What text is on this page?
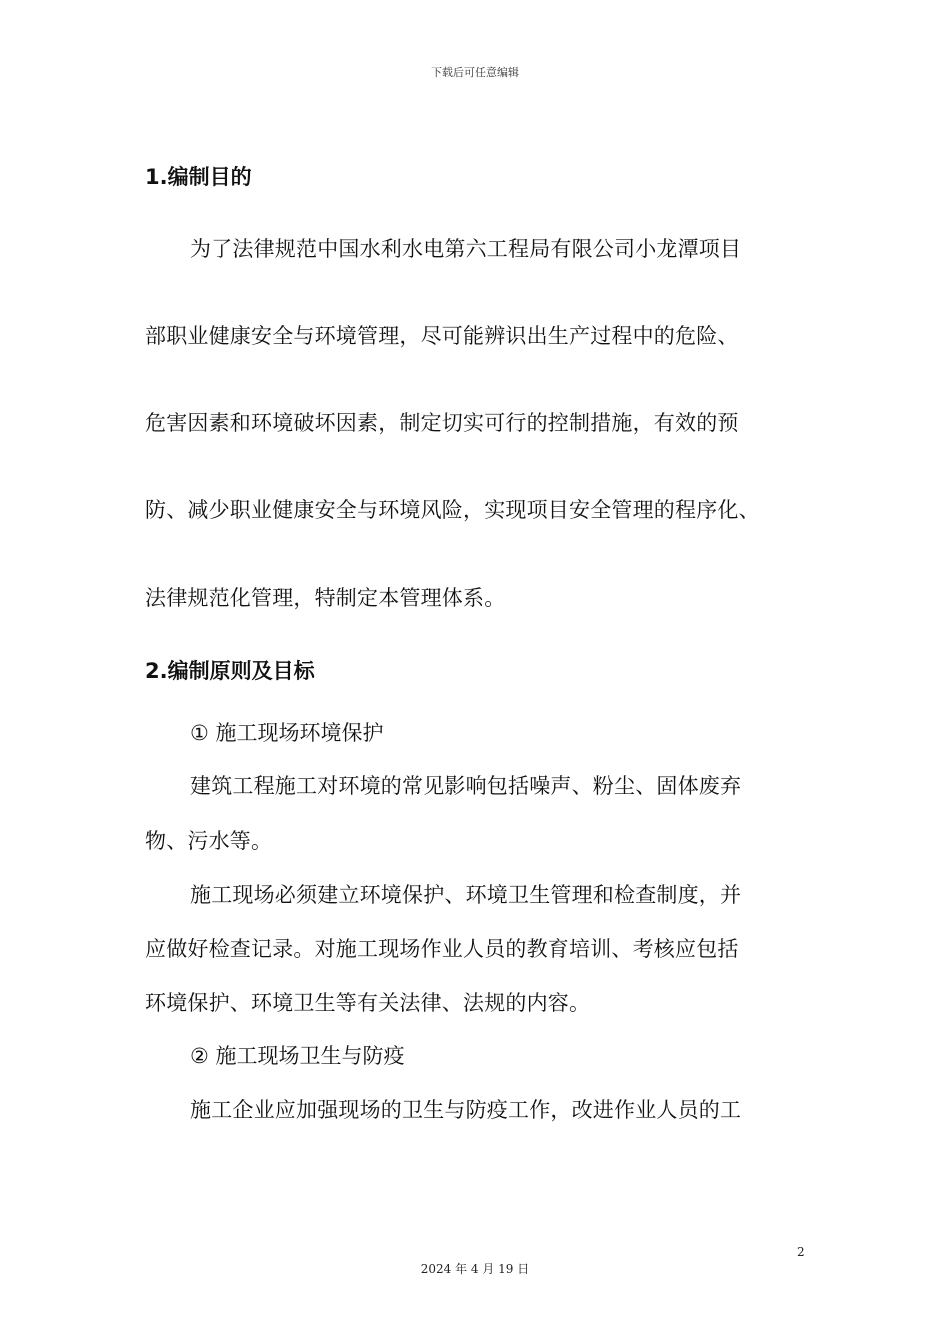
下载后可任意编辑
1.编制目的
为了法律规范中国水利水电第六工程局有限公司小龙潭项目
部职业健康安全与环境管理，尽可能辨识出生产过程中的危险、
危害因素和环境破坏因素，制定切实可行的控制措施，有效的预
防、减少职业健康安全与环境风险，实现项目安全管理的程序化、
法律规范化管理，特制定本管理体系。
2.编制原则及目标
① 施工现场环境保护
建筑工程施工对环境的常见影响包括噪声、粉尘、固体废弃
物、污水等。
施工现场必须建立环境保护、环境卫生管理和检查制度，并
应做好检查记录。对施工现场作业人员的教育培训、考核应包括
环境保护、环境卫生等有关法律、法规的内容。
② 施工现场卫生与防疫
施工企业应加强现场的卫生与防疫工作，改进作业人员的工
2
2024 年 4 月 19 日
